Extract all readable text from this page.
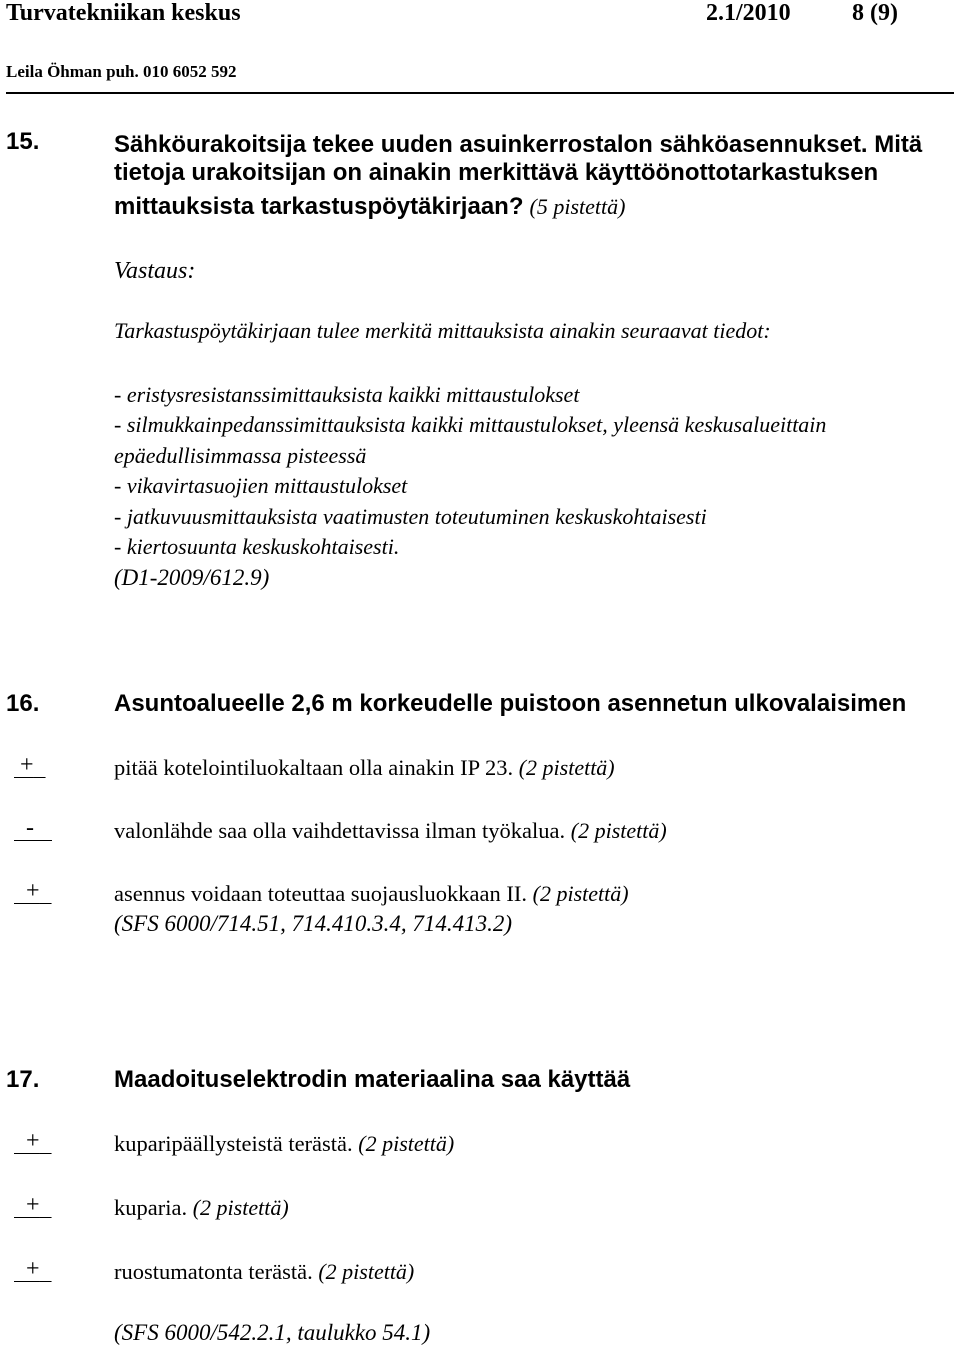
Turvatekniikan keskus	2.1/2010	8 (9)
Leila Öhman puh. 010 6052 592
15.	Sähköurakoitsija tekee uuden asuinkerrostalon sähköasennukset. Mitä
tietoja urakoitsijan on ainakin merkittävä käyttöönottotarkastuksen
mittauksista tarkastuspöytäkirjaan? (5 pistettä)
Vastaus:
Tarkastuspöytäkirjaan tulee merkitä mittauksista ainakin seuraavat tiedot:
- eristysresistanssimittauksista kaikki mittaustulokset
- silmukkainpedanssimittauksista kaikki mittaustulokset, yleensä keskusalueittain
epäedullisimmassa pisteessä
- vikavirtasuojien mittaustulokset
- jatkuvuusmittauksista vaatimusten toteutuminen keskuskohtaisesti
- kiertosuunta keskuskohtaisesti.
(D1-2009/612.9)
16.	Asuntoalueelle 2,6 m korkeudelle puistoon asennetun ulkovalaisimen
+	pitää kotelointiluokaltaan olla ainakin IP 23. (2 pistettä)
-	valonlähde saa olla vaihdettavissa ilman työkalua. (2 pistettä)
+	asennus voidaan toteuttaa suojausluokkaan II. (2 pistettä)
(SFS 6000/714.51, 714.410.3.4, 714.413.2)
17.	Maadoituselektrodin materiaalina saa käyttää
+	kuparipäällysteistä terästä. (2 pistettä)
+	kuparia. (2 pistettä)
+	ruostumatonta terästä. (2 pistettä)
(SFS 6000/542.2.1, taulukko 54.1)
